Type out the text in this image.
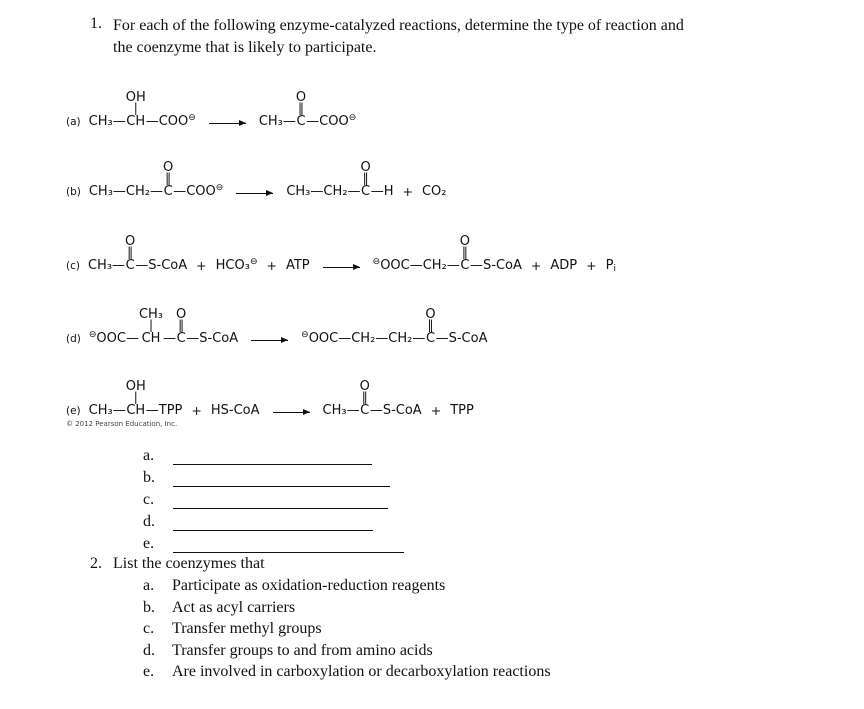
1. For each of the following enzyme-catalyzed reactions, determine the type of reaction and
the coenzyme that is likely to participate.
(a) CH₃—
OH
|
CH —COO⊖ → CH₃—
O
‖
C —COO⊖
(b) CH₃—CH₂—
O
‖
C —COO⊖ → CH₃—CH₂—
O
‖
C —H + CO₂
(c) CH₃—
O
‖
C —S-CoA + HCO₃⊖ + ATP →
⊖OOC—CH₂—
O
‖
C —S-CoA + ADP + Pi
(d) ⊖OOC—
CH₃
|
CH —
O
‖
C —S-CoA →
⊖OOC—CH₂—CH₂—
O
‖
C —S-CoA
(e) CH₃—
OH
|
CH —TPP + HS-CoA → CH₃—
O
‖
C —S-CoA + TPP
© 2012 Pearson Education, Inc.
a.
b.
c.
d.
e.
2. List the coenzymes that
a.	Participate as oxidation-reduction reagents
b.	Act as acyl carriers
c.	Transfer methyl groups
d.	Transfer groups to and from amino acids
e.	Are involved in carboxylation or decarboxylation reactions
